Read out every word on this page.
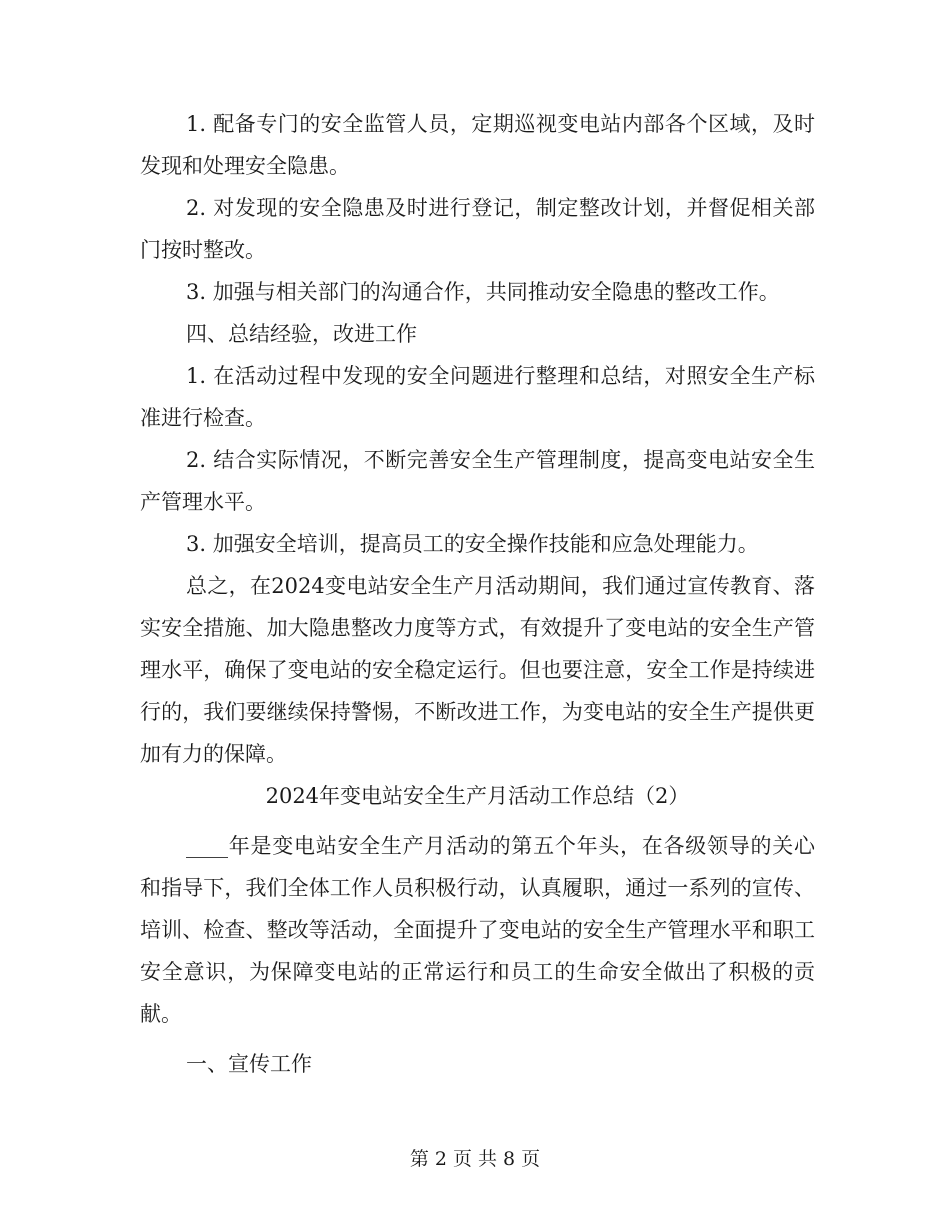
1. 配备专门的安全监管人员，定期巡视变电站内部各个区域，及时发现和处理安全隐患。

2. 对发现的安全隐患及时进行登记，制定整改计划，并督促相关部门按时整改。

3. 加强与相关部门的沟通合作，共同推动安全隐患的整改工作。

四、总结经验，改进工作

1. 在活动过程中发现的安全问题进行整理和总结，对照安全生产标准进行检查。

2. 结合实际情况，不断完善安全生产管理制度，提高变电站安全生产管理水平。

3. 加强安全培训，提高员工的安全操作技能和应急处理能力。

总之，在2024变电站安全生产月活动期间，我们通过宣传教育、落实安全措施、加大隐患整改力度等方式，有效提升了变电站的安全生产管理水平，确保了变电站的安全稳定运行。但也要注意，安全工作是持续进行的，我们要继续保持警惕，不断改进工作，为变电站的安全生产提供更加有力的保障。

2024年变电站安全生产月活动工作总结（2）

____年是变电站安全生产月活动的第五个年头，在各级领导的关心和指导下，我们全体工作人员积极行动，认真履职，通过一系列的宣传、培训、检查、整改等活动，全面提升了变电站的安全生产管理水平和职工安全意识，为保障变电站的正常运行和员工的生命安全做出了积极的贡献。

一、宣传工作

第 2 页 共 8 页
